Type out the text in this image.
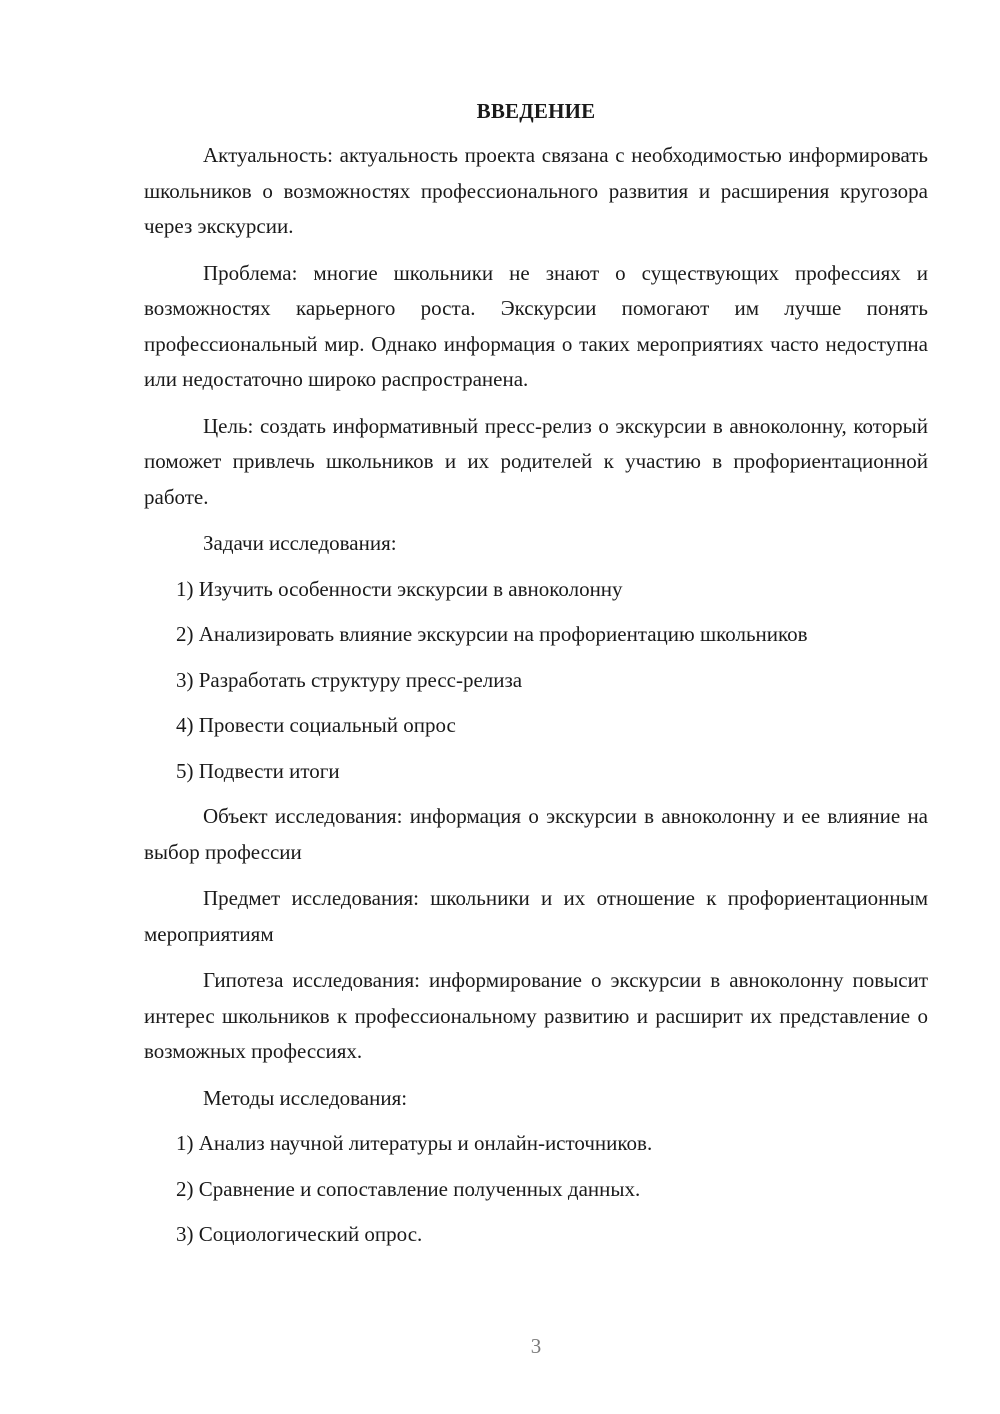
ВВЕДЕНИЕ

Актуальность: актуальность проекта связана с необходимостью информировать школьников о возможностях профессионального развития и расширения кругозора через экскурсии.

Проблема: многие школьники не знают о существующих профессиях и возможностях карьерного роста. Экскурсии помогают им лучше понять профессиональный мир. Однако информация о таких мероприятиях часто недоступна или недостаточно широко распространена.

Цель: создать информативный пресс-релиз о экскурсии в авноколонну, который поможет привлечь школьников и их родителей к участию в профориентационной работе.

Задачи исследования:

1) Изучить особенности экскурсии в авноколонну

2) Анализировать влияние экскурсии на профориентацию школьников

3) Разработать структуру пресс-релиза

4) Провести социальный опрос

5) Подвести итоги

Объект исследования: информация о экскурсии в авноколонну и ее влияние на выбор профессии

Предмет исследования: школьники и их отношение к профориентационным мероприятиям

Гипотеза исследования: информирование о экскурсии в авноколонну повысит интерес школьников к профессиональному развитию и расширит их представление о возможных профессиях.

Методы исследования:

1) Анализ научной литературы и онлайн-источников.

2) Сравнение и сопоставление полученных данных.

3) Социологический опрос.

3
